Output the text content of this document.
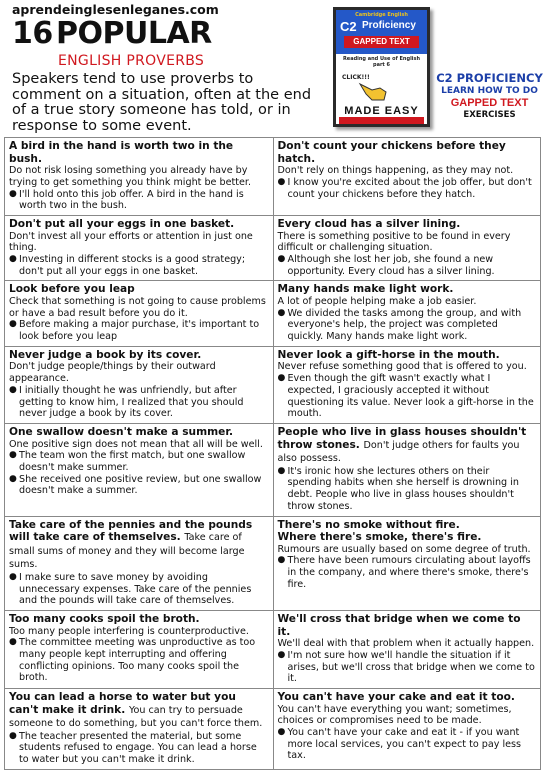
aprendeinglesenleganes.com
16 POPULAR
ENGLISH PROVERBS
Speakers tend to use proverbs to comment on a situation, often at the end of a true story someone has told, or in response to some event.
Cambridge English
C2 Proficiency
GAPPED TEXT
Reading and Use of English part 6
CLICK!!!
MADE EASY
C2 PROFICIENCY
LEARN HOW TO DO
GAPPED TEXT
EXERCISES
A bird in the hand is worth two in the bush.
Do not risk losing something you already have by trying to get something you think might be better.
● I'll hold onto this job offer. A bird in the hand is worth two in the bush.
Don't count your chickens before they hatch.
Don't rely on things happening, as they may not.
● I know you're excited about the job offer, but don't count your chickens before they hatch.
Don't put all your eggs in one basket.
Don't invest all your efforts or attention in just one thing.
● Investing in different stocks is a good strategy; don't put all your eggs in one basket.
Every cloud has a silver lining.
There is something positive to be found in every difficult or challenging situation.
● Although she lost her job, she found a new opportunity. Every cloud has a silver lining.
Look before you leap
Check that something is not going to cause problems or have a bad result before you do it.
● Before making a major purchase, it's important to look before you leap
Many hands make light work.
A lot of people helping make a job easier.
● We divided the tasks among the group, and with everyone's help, the project was completed quickly. Many hands make light work.
Never judge a book by its cover.
Don't judge people/things by their outward appearance.
● I initially thought he was unfriendly, but after getting to know him, I realized that you should never judge a book by its cover.
Never look a gift-horse in the mouth.
Never refuse something good that is offered to you.
● Even though the gift wasn't exactly what I expected, I graciously accepted it without questioning its value. Never look a gift-horse in the mouth.
One swallow doesn't make a summer.
One positive sign does not mean that all will be well.
● The team won the first match, but one swallow doesn't make summer.
● She received one positive review, but one swallow doesn't make a summer.
People who live in glass houses shouldn't throw stones. Don't judge others for faults you also possess.
● It's ironic how she lectures others on their spending habits when she herself is drowning in debt. People who live in glass houses shouldn't throw stones.
Take care of the pennies and the pounds will take care of themselves. Take care of small sums of money and they will become large sums.
● I make sure to save money by avoiding unnecessary expenses. Take care of the pennies and the pounds will take care of themselves.
There's no smoke without fire.
Where there's smoke, there's fire.
Rumours are usually based on some degree of truth.
● There have been rumours circulating about layoffs in the company, and where there's smoke, there's fire.
Too many cooks spoil the broth.
Too many people interfering is counterproductive.
● The committee meeting was unproductive as too many people kept interrupting and offering conflicting opinions. Too many cooks spoil the broth.
We'll cross that bridge when we come to it.
We'll deal with that problem when it actually happen.
● I'm not sure how we'll handle the situation if it arises, but we'll cross that bridge when we come to it.
You can lead a horse to water but you can't make it drink. You can try to persuade someone to do something, but you can't force them.
● The teacher presented the material, but some students refused to engage. You can lead a horse to water but you can't make it drink.
You can't have your cake and eat it too.
You can't have everything you want; sometimes, choices or compromises need to be made.
● You can't have your cake and eat it - if you want more local services, you can't expect to pay less tax.
